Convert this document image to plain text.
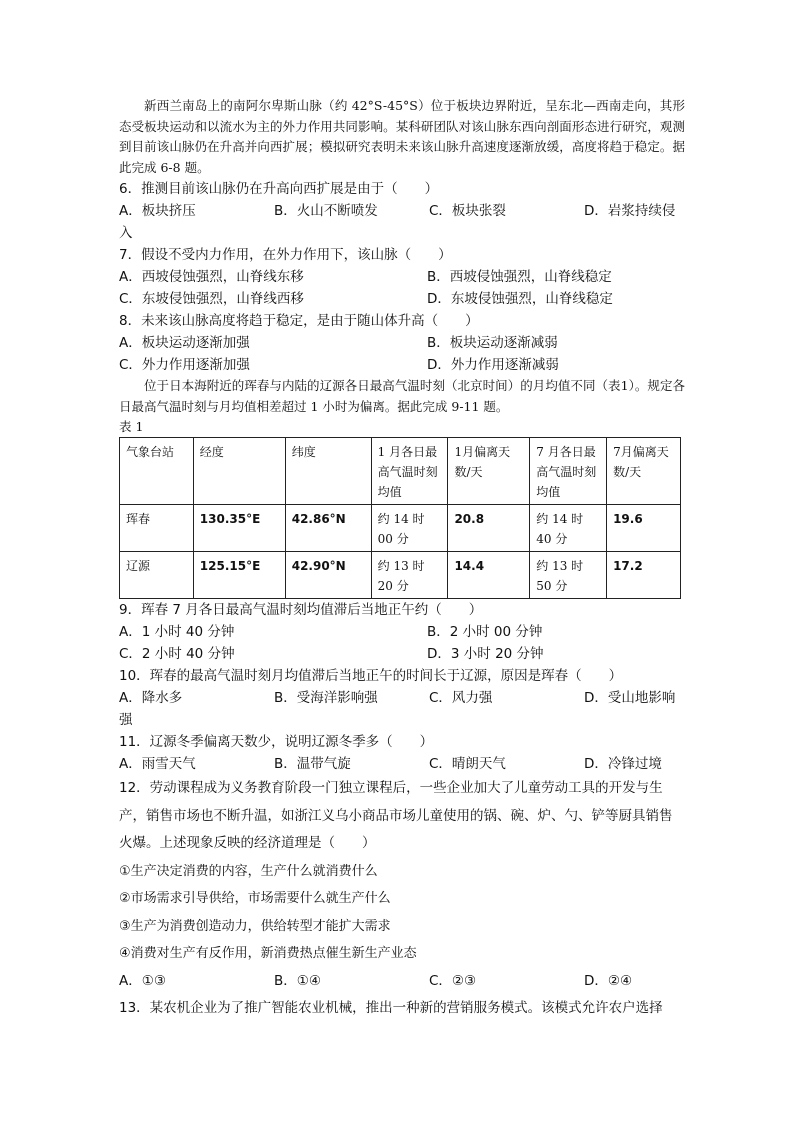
新西兰南岛上的南阿尔卑斯山脉（约 42°S-45°S）位于板块边界附近，呈东北—西南走向，其形态受板块运动和以流水为主的外力作用共同影响。某科研团队对该山脉东西向剖面形态进行研究，观测到目前该山脉仍在升高并向西扩展；模拟研究表明未来该山脉升高速度逐渐放缓，高度将趋于稳定。据此完成 6-8 题。

6．推测目前该山脉仍在升高向西扩展是由于（　　）

A．板块挤压	B．火山不断喷发	C．板块张裂	D．岩浆持续侵
入

7．假设不受内力作用，在外力作用下，该山脉（　　）

A．西坡侵蚀强烈，山脊线东移	B．西坡侵蚀强烈，山脊线稳定
C．东坡侵蚀强烈，山脊线西移	D．东坡侵蚀强烈，山脊线稳定

8．未来该山脉高度将趋于稳定，是由于随山体升高（　　）

A．板块运动逐渐加强	B．板块运动逐渐减弱
C．外力作用逐渐加强	D．外力作用逐渐减弱

位于日本海附近的珲春与内陆的辽源各日最高气温时刻（北京时间）的月均值不同（表1）。规定各日最高气温时刻与月均值相差超过 1 小时为偏离。据此完成 9-11 题。

表 1
气象台站	经度	纬度	1 月各日最高气温时刻均值	1月偏离天数/天	7 月各日最高气温时刻均值	7月偏离天数/天
珲春	130.35°E	42.86°N	约 14 时 00 分	20.8	约 14 时 40 分	19.6
辽源	125.15°E	42.90°N	约 13 时 20 分	14.4	约 13 时 50 分	17.2

9．珲春 7 月各日最高气温时刻均值滞后当地正午约（　　）

A．1 小时 40 分钟	B．2 小时 00 分钟
C．2 小时 40 分钟	D．3 小时 20 分钟

10．珲春的最高气温时刻月均值滞后当地正午的时间长于辽源，原因是珲春（　　）

A．降水多	B．受海洋影响强	C．风力强	D．受山地影响
强

11．辽源冬季偏离天数少，说明辽源冬季多（　　）

A．雨雪天气	B．温带气旋	C．晴朗天气	D．冷锋过境

12．劳动课程成为义务教育阶段一门独立课程后，一些企业加大了儿童劳动工具的开发与生产，销售市场也不断升温，如浙江义乌小商品市场儿童使用的锅、碗、炉、勺、铲等厨具销售火爆。上述现象反映的经济道理是（　　）

①生产决定消费的内容，生产什么就消费什么
②市场需求引导供给，市场需要什么就生产什么
③生产为消费创造动力，供给转型才能扩大需求
④消费对生产有反作用，新消费热点催生新生产业态
A．①③	B．①④	C．②③	D．②④

13．某农机企业为了推广智能农业机械，推出一种新的营销服务模式。该模式允许农户选择
